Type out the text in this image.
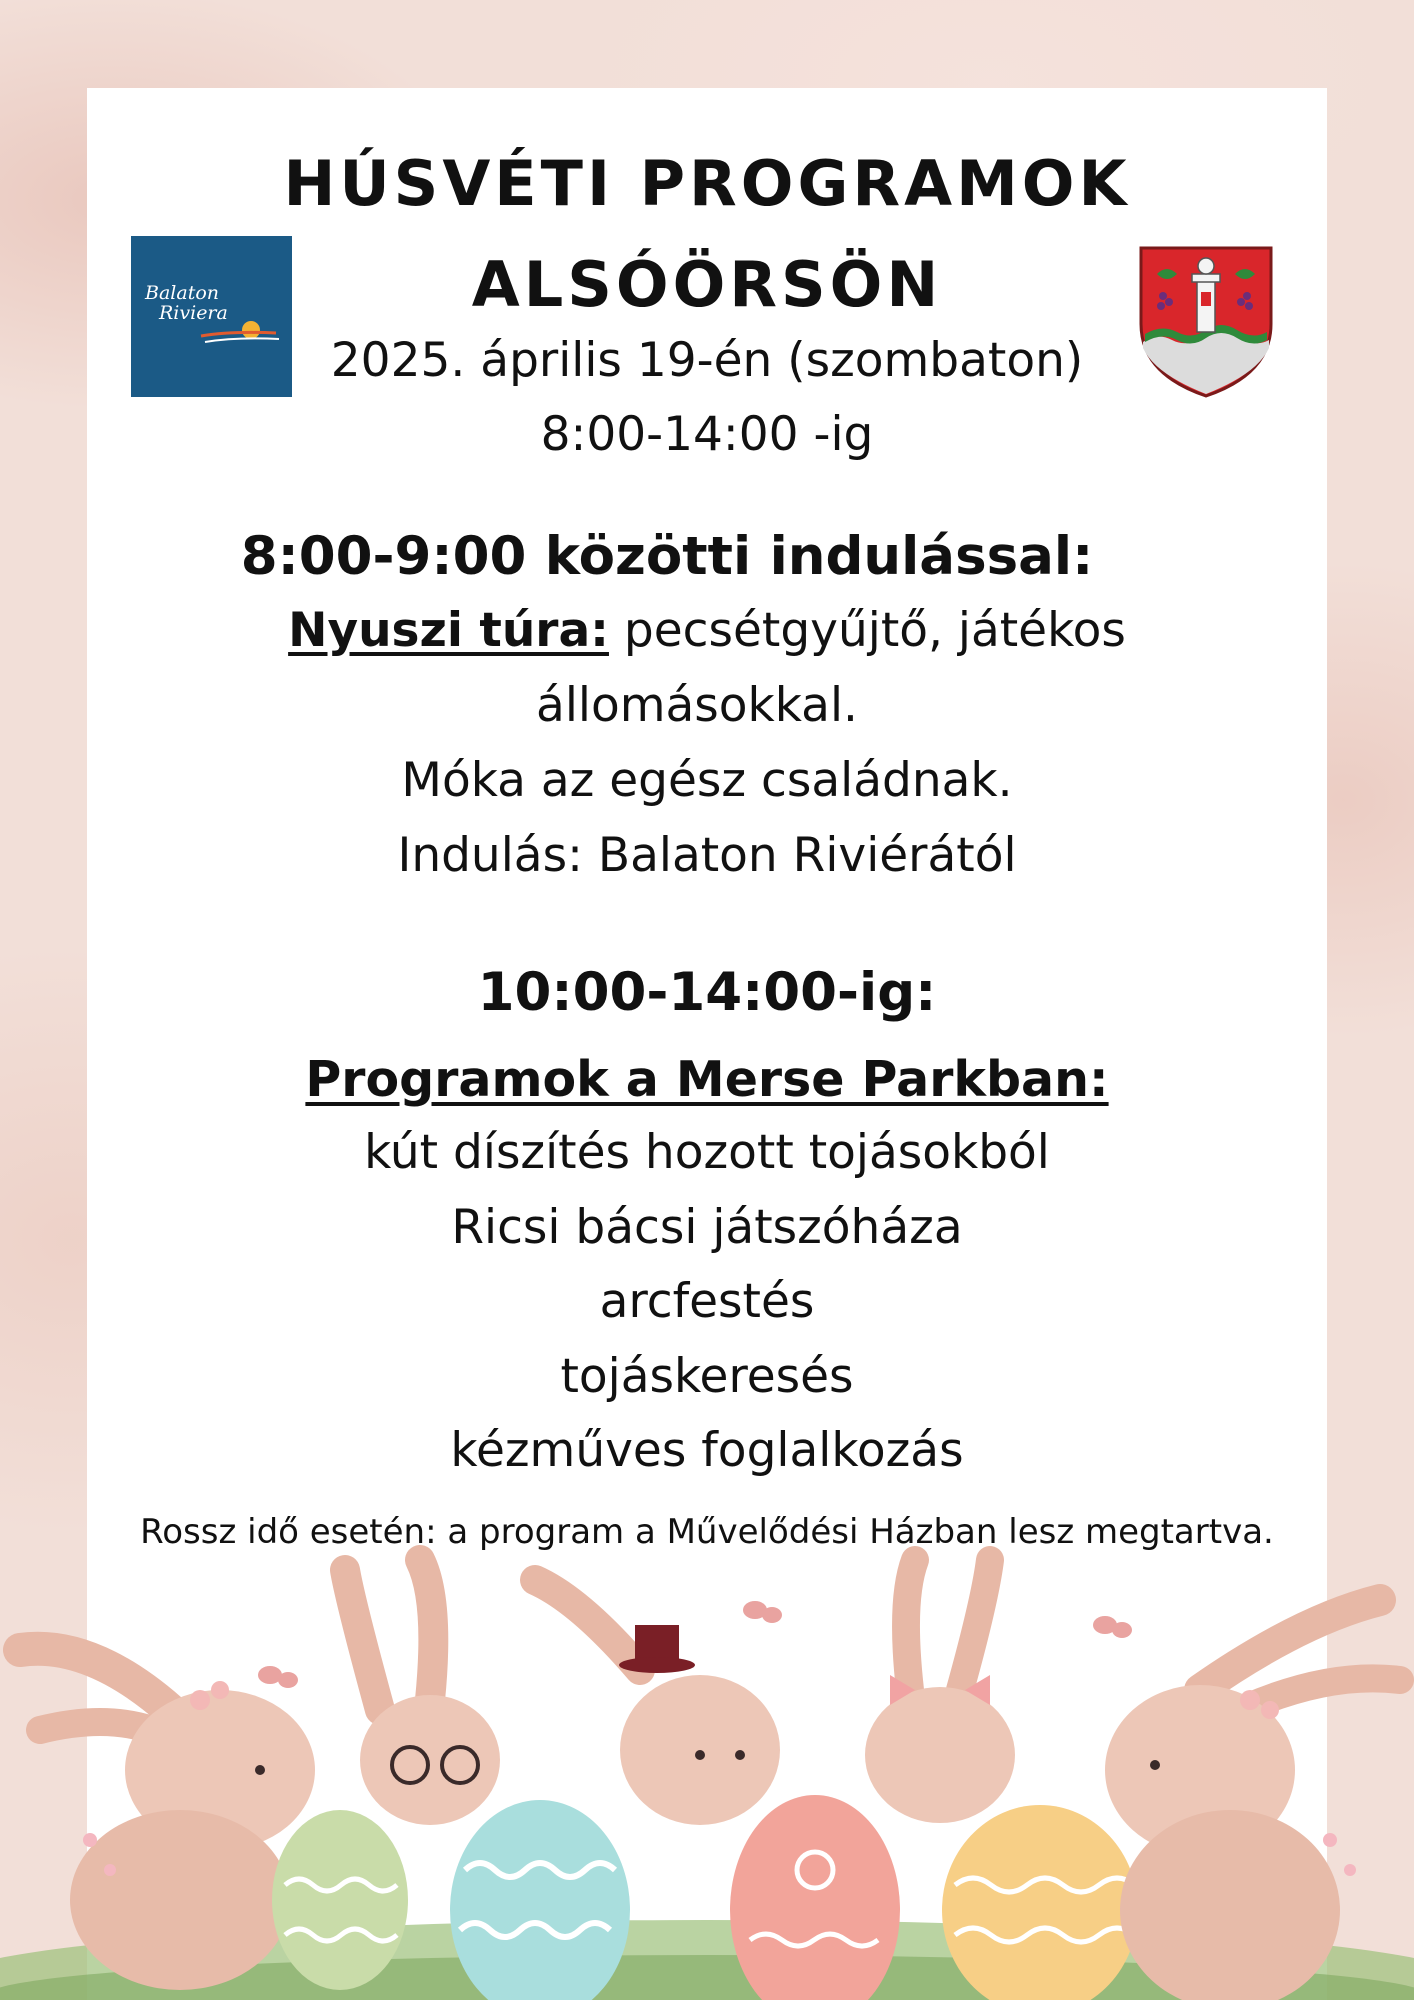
Balaton
Riviera
HÚSVÉTI PROGRAMOK
ALSÓÖRSÖN

2025. április 19-én (szombaton)

8:00-14:00 -ig

8:00-9:00 közötti indulással:

Nyuszi túra: pecsétgyűjtő, játékos

állomásokkal.

Móka az egész családnak.

Indulás: Balaton Riviérától

10:00-14:00-ig:

Programok a Merse Parkban:

kút díszítés hozott tojásokból

Ricsi bácsi játszóháza

arcfestés

tojáskeresés

kézműves foglalkozás

Rossz idő esetén: a program a Művelődési Házban lesz megtartva.
